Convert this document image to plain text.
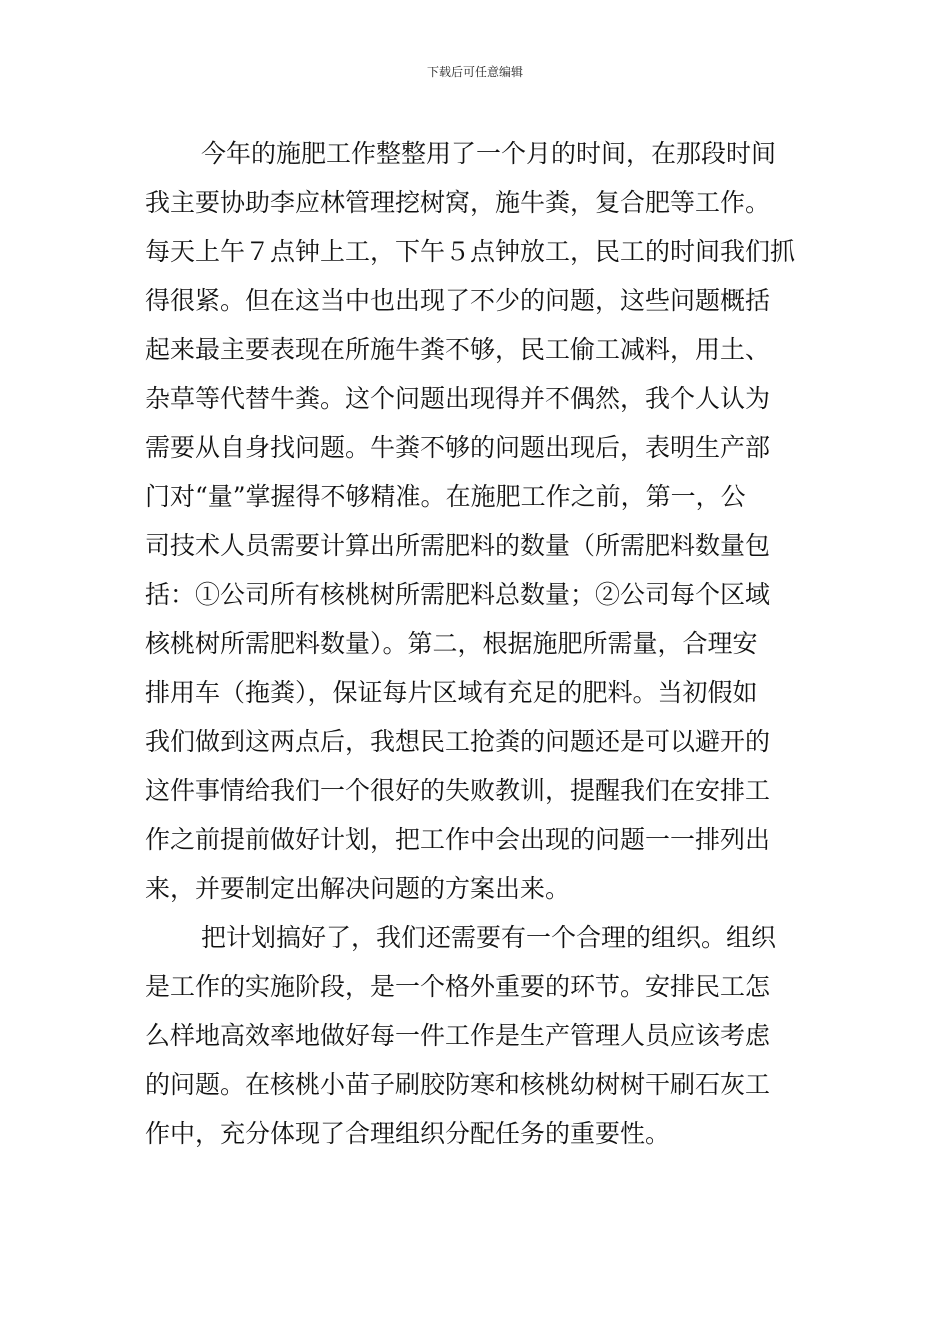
下载后可任意编辑
今年的施肥工作整整用了一个月的时间，在那段时间
我主要协助李应林管理挖树窝，施牛粪，复合肥等工作。
每天上午７点钟上工，下午５点钟放工，民工的时间我们抓
得很紧。但在这当中也出现了不少的问题，这些问题概括
起来最主要表现在所施牛粪不够，民工偷工减料，用土、
杂草等代替牛粪。这个问题出现得并不偶然，我个人认为
需要从自身找问题。牛粪不够的问题出现后，表明生产部
门对“量”掌握得不够精准。在施肥工作之前，第一，公
司技术人员需要计算出所需肥料的数量（所需肥料数量包
括：①公司所有核桃树所需肥料总数量；②公司每个区域
核桃树所需肥料数量）。第二，根据施肥所需量，合理安
排用车（拖粪），保证每片区域有充足的肥料。当初假如
我们做到这两点后，我想民工抢粪的问题还是可以避开的
这件事情给我们一个很好的失败教训，提醒我们在安排工
作之前提前做好计划，把工作中会出现的问题一一排列出
来，并要制定出解决问题的方案出来。
把计划搞好了，我们还需要有一个合理的组织。组织
是工作的实施阶段，是一个格外重要的环节。安排民工怎
么样地高效率地做好每一件工作是生产管理人员应该考虑
的问题。在核桃小苗子刷胶防寒和核桃幼树树干刷石灰工
作中，充分体现了合理组织分配任务的重要性。
